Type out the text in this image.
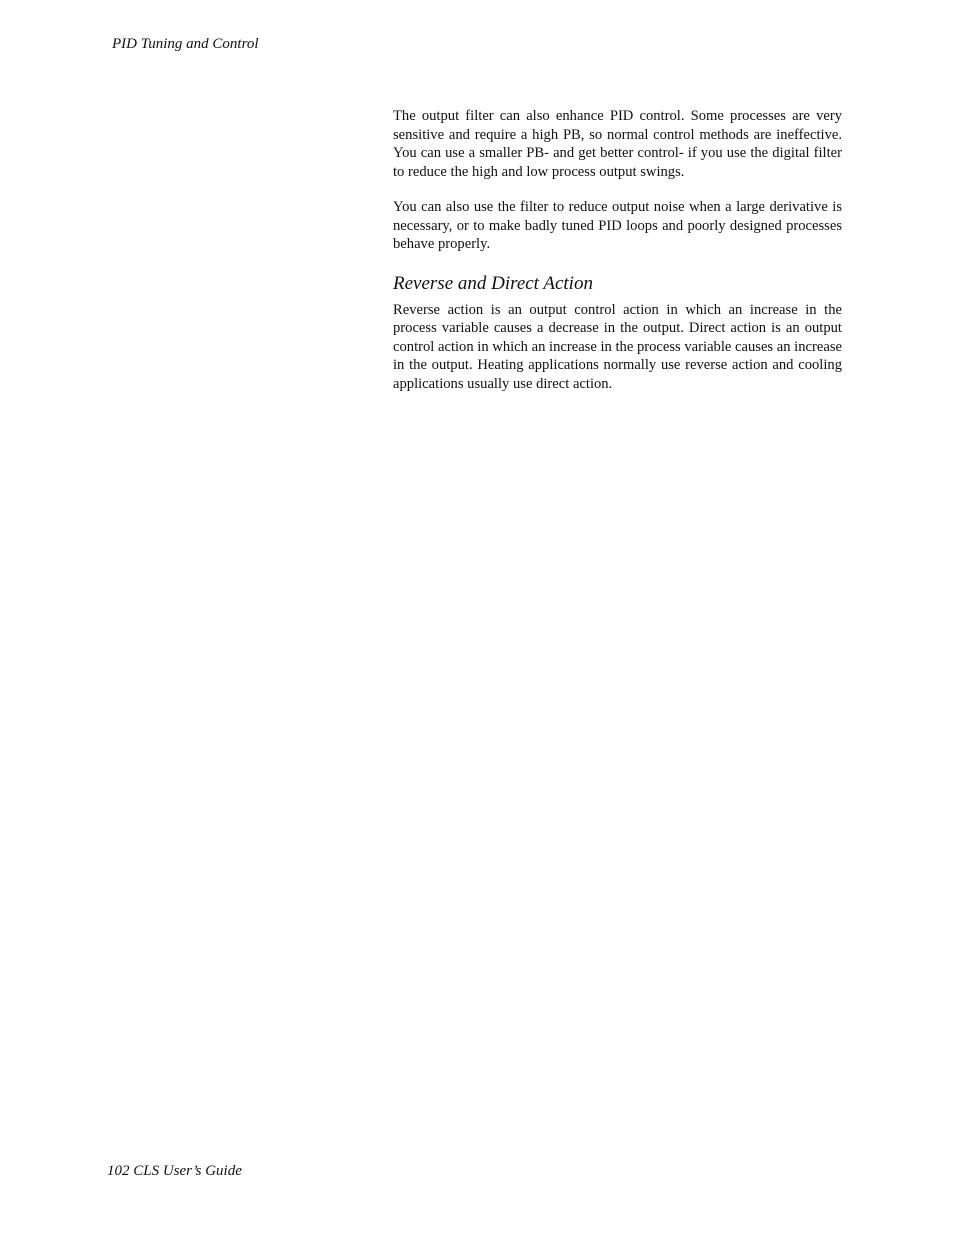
PID Tuning and Control

The output filter can also enhance PID control. Some processes are very sensitive and require a high PB, so normal control methods are ineffective. You can use a smaller PB- and get better control- if you use the digital filter to reduce the high and low process output swings.

You can also use the filter to reduce output noise when a large derivative is necessary, or to make badly tuned PID loops and poorly designed processes behave properly.

Reverse and Direct Action

Reverse action is an output control action in which an increase in the process variable causes a decrease in the output. Direct action is an output control action in which an increase in the process variable causes an increase in the output. Heating applications normally use reverse action and cooling applications usually use direct action.

102 CLS User’s Guide
